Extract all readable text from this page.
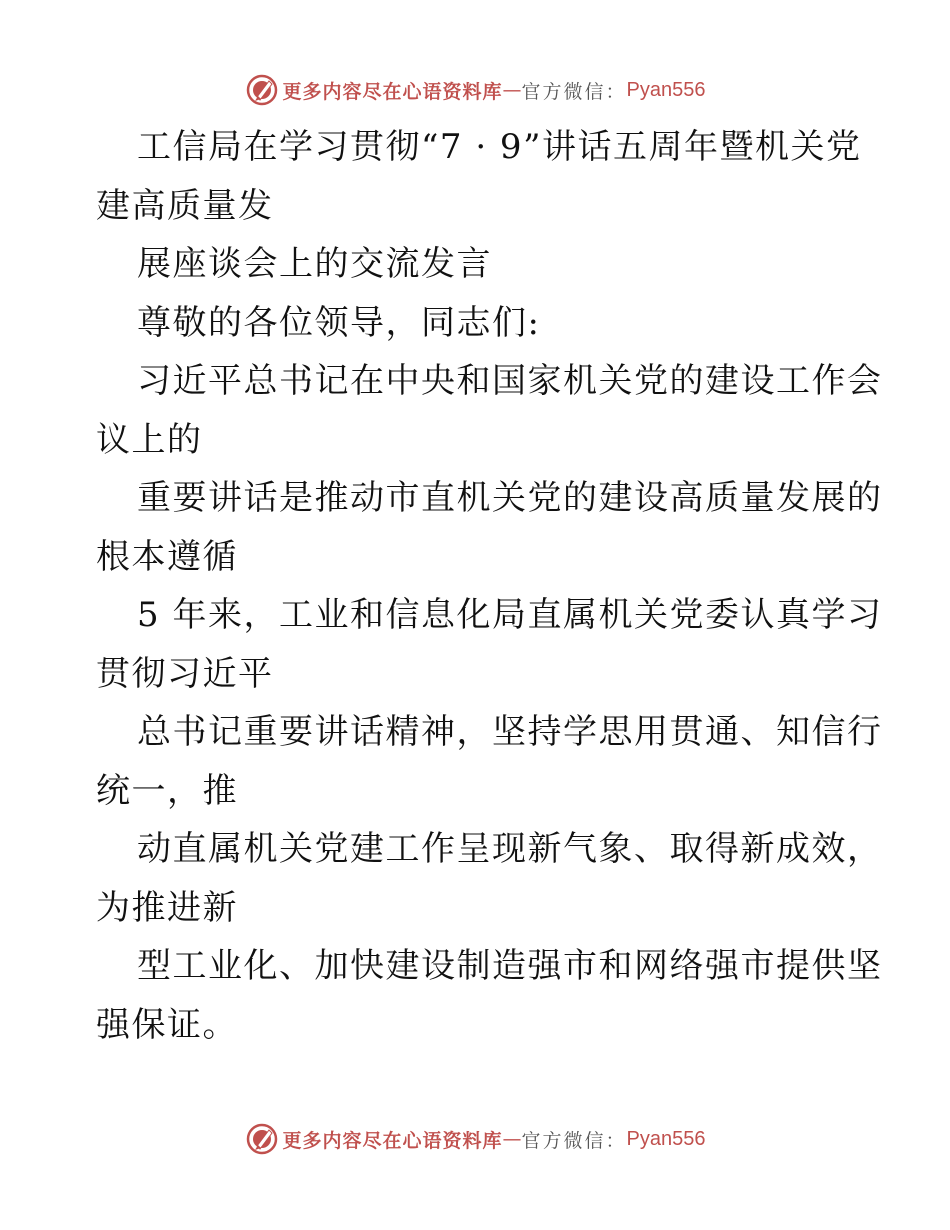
更多内容尽在心语资料库 — 官方微信： Pyan556
工信局在学习贯彻“7 · 9”讲话五周年暨机关党
建高质量发
展座谈会上的交流发言
尊敬的各位领导，同志们:
习近平总书记在中央和国家机关党的建设工作会
议上的
重要讲话是推动市直机关党的建设高质量发展的
根本遵循
5 年来，工业和信息化局直属机关党委认真学习
贯彻习近平
总书记重要讲话精神，坚持学思用贯通、知信行
统一，推
动直属机关党建工作呈现新气象、取得新成效，
为推进新
型工业化、加快建设制造强市和网络强市提供坚
强保证。
更多内容尽在心语资料库 — 官方微信： Pyan556
